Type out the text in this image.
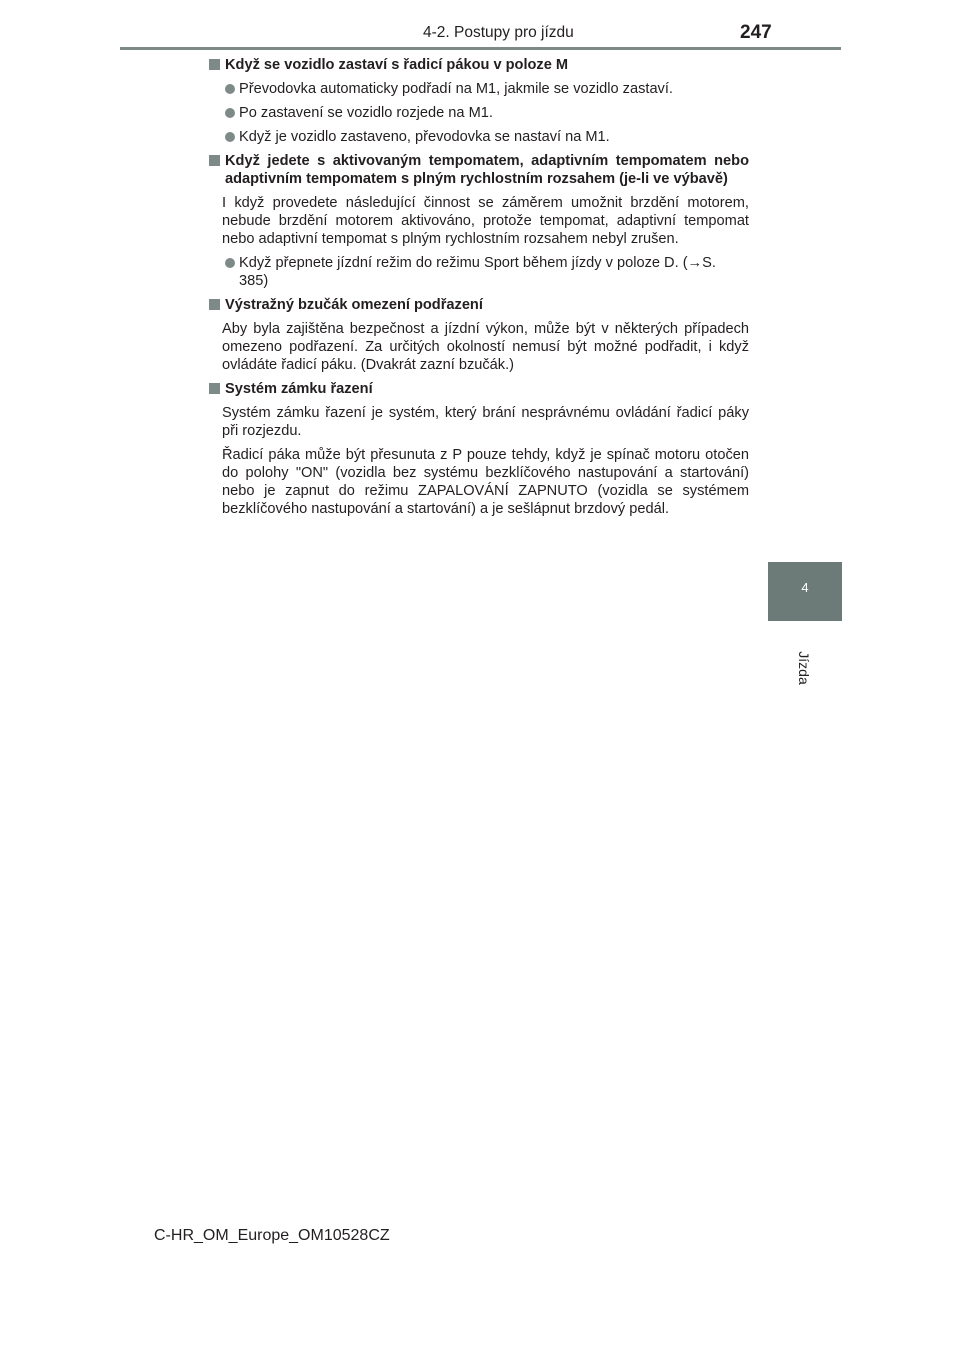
4-2. Postupy pro jízdu	247
4
Jízda
Když se vozidlo zastaví s řadicí pákou v poloze M
Převodovka automaticky podřadí na M1, jakmile se vozidlo zastaví.
Po zastavení se vozidlo rozjede na M1.
Když je vozidlo zastaveno, převodovka se nastaví na M1.
Když jedete s aktivovaným tempomatem, adaptivním tempomatem nebo adaptivním tempomatem s plným rychlostním rozsahem (je-li ve výbavě)
I když provedete následující činnost se záměrem umožnit brzdění motorem, nebude brzdění motorem aktivováno, protože tempomat, adaptivní tempomat nebo adaptivní tempomat s plným rychlostním rozsahem nebyl zrušen.
Když přepnete jízdní režim do režimu Sport během jízdy v poloze D. (→S. 385)
Výstražný bzučák omezení podřazení
Aby byla zajištěna bezpečnost a jízdní výkon, může být v některých případech omezeno podřazení. Za určitých okolností nemusí být možné podřadit, i když ovládáte řadicí páku. (Dvakrát zazní bzučák.)
Systém zámku řazení
Systém zámku řazení je systém, který brání nesprávnému ovládání řadicí páky při rozjezdu.
Řadicí páka může být přesunuta z P pouze tehdy, když je spínač motoru otočen do polohy "ON" (vozidla bez systému bezklíčového nastupování a startování) nebo je zapnut do režimu ZAPALOVÁNÍ ZAPNUTO (vozidla se systémem bezklíčového nastupování a startování) a je sešlápnut brzdový pedál.
C-HR_OM_Europe_OM10528CZ
